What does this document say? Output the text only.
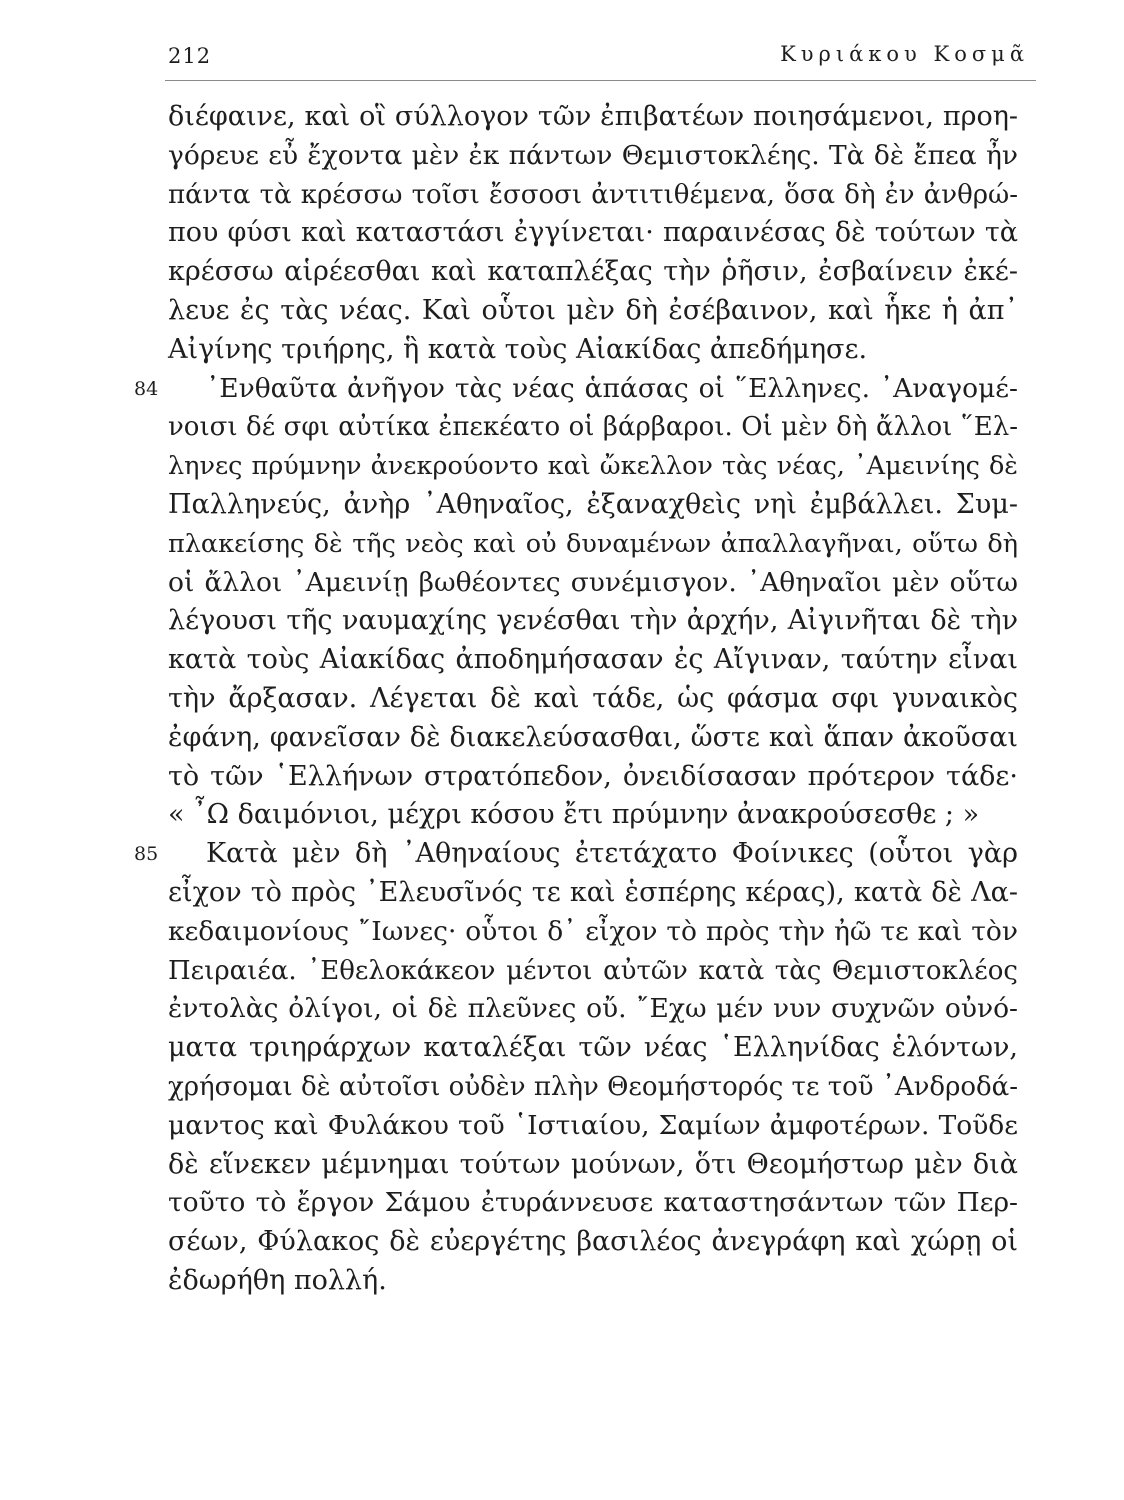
212	Κυριάκου Κοσμᾶ
διέφαινε, καὶ οἳ σύλλογον τῶν ἐπιβατέων ποιησάμενοι, προη-
γόρευε εὖ ἔχοντα μὲν ἐκ πάντων Θεμιστοκλέης. Τὰ δὲ ἔπεα ἦν
πάντα τὰ κρέσσω τοῖσι ἔσσοσι ἀντιτιθέμενα, ὅσα δὴ ἐν ἀνθρώ-
που φύσι καὶ καταστάσι ἐγγίνεται· παραινέσας δὲ τούτων τὰ
κρέσσω αἱρέεσθαι καὶ καταπλέξας τὴν ῥῆσιν, ἐσβαίνειν ἐκέ-
λευε ἐς τὰς νέας. Καὶ οὗτοι μὲν δὴ ἐσέβαινον, καὶ ἧκε ἡ ἀπ᾽
Αἰγίνης τριήρης, ἣ κατὰ τοὺς Αἰακίδας ἀπεδήμησε.
84 ᾽Ενθαῦτα ἀνῆγον τὰς νέας ἁπάσας οἱ ῞Ελληνες. ᾽Αναγομέ-
νοισι δέ σφι αὐτίκα ἐπεκέατο οἱ βάρβαροι. Οἱ μὲν δὴ ἄλλοι ῞Ελ-
ληνες πρύμνην ἀνεκρούοντο καὶ ὤκελλον τὰς νέας, ᾽Αμεινίης δὲ
Παλληνεύς, ἀνὴρ ᾽Αθηναῖος, ἐξαναχθεὶς νηὶ ἐμβάλλει. Συμ-
πλακείσης δὲ τῆς νεὸς καὶ οὐ δυναμένων ἀπαλλαγῆναι, οὕτω δὴ
οἱ ἄλλοι ᾽Αμεινίῃ βωθέοντες συνέμισγον. ᾽Αθηναῖοι μὲν οὕτω
λέγουσι τῆς ναυμαχίης γενέσθαι τὴν ἀρχήν, Αἰγινῆται δὲ τὴν
κατὰ τοὺς Αἰακίδας ἀποδημήσασαν ἐς Αἴγιναν, ταύτην εἶναι
τὴν ἄρξασαν. Λέγεται δὲ καὶ τάδε, ὡς φάσμα σφι γυναικὸς
ἐφάνη, φανεῖσαν δὲ διακελεύσασθαι, ὥστε καὶ ἅπαν ἀκοῦσαι
τὸ τῶν ῾Ελλήνων στρατόπεδον, ὀνειδίσασαν πρότερον τάδε·
« ῏Ω δαιμόνιοι, μέχρι κόσου ἔτι πρύμνην ἀνακρούσεσθε ; »
85 Κατὰ μὲν δὴ ᾽Αθηναίους ἐτετάχατο Φοίνικες (οὗτοι γὰρ
εἶχον τὸ πρὸς ᾽Ελευσῖνός τε καὶ ἑσπέρης κέρας), κατὰ δὲ Λα-
κεδαιμονίους ῎Ιωνες· οὗτοι δ᾽ εἶχον τὸ πρὸς τὴν ἠῶ τε καὶ τὸν
Πειραιέα. ᾽Εθελοκάκεον μέντοι αὐτῶν κατὰ τὰς Θεμιστοκλέος
ἐντολὰς ὀλίγοι, οἱ δὲ πλεῦνες οὔ. ῎Εχω μέν νυν συχνῶν οὐνό-
ματα τριηράρχων καταλέξαι τῶν νέας ῾Ελληνίδας ἑλόντων,
χρήσομαι δὲ αὐτοῖσι οὐδὲν πλὴν Θεομήστορός τε τοῦ ᾽Ανδροδά-
μαντος καὶ Φυλάκου τοῦ ῾Ιστιαίου, Σαμίων ἀμφοτέρων. Τοῦδε
δὲ εἵνεκεν μέμνημαι τούτων μούνων, ὅτι Θεομήστωρ μὲν διὰ
τοῦτο τὸ ἔργον Σάμου ἐτυράννευσε καταστησάντων τῶν Περ-
σέων, Φύλακος δὲ εὐεργέτης βασιλέος ἀνεγράφη καὶ χώρῃ οἱ
ἐδωρήθη πολλή.
